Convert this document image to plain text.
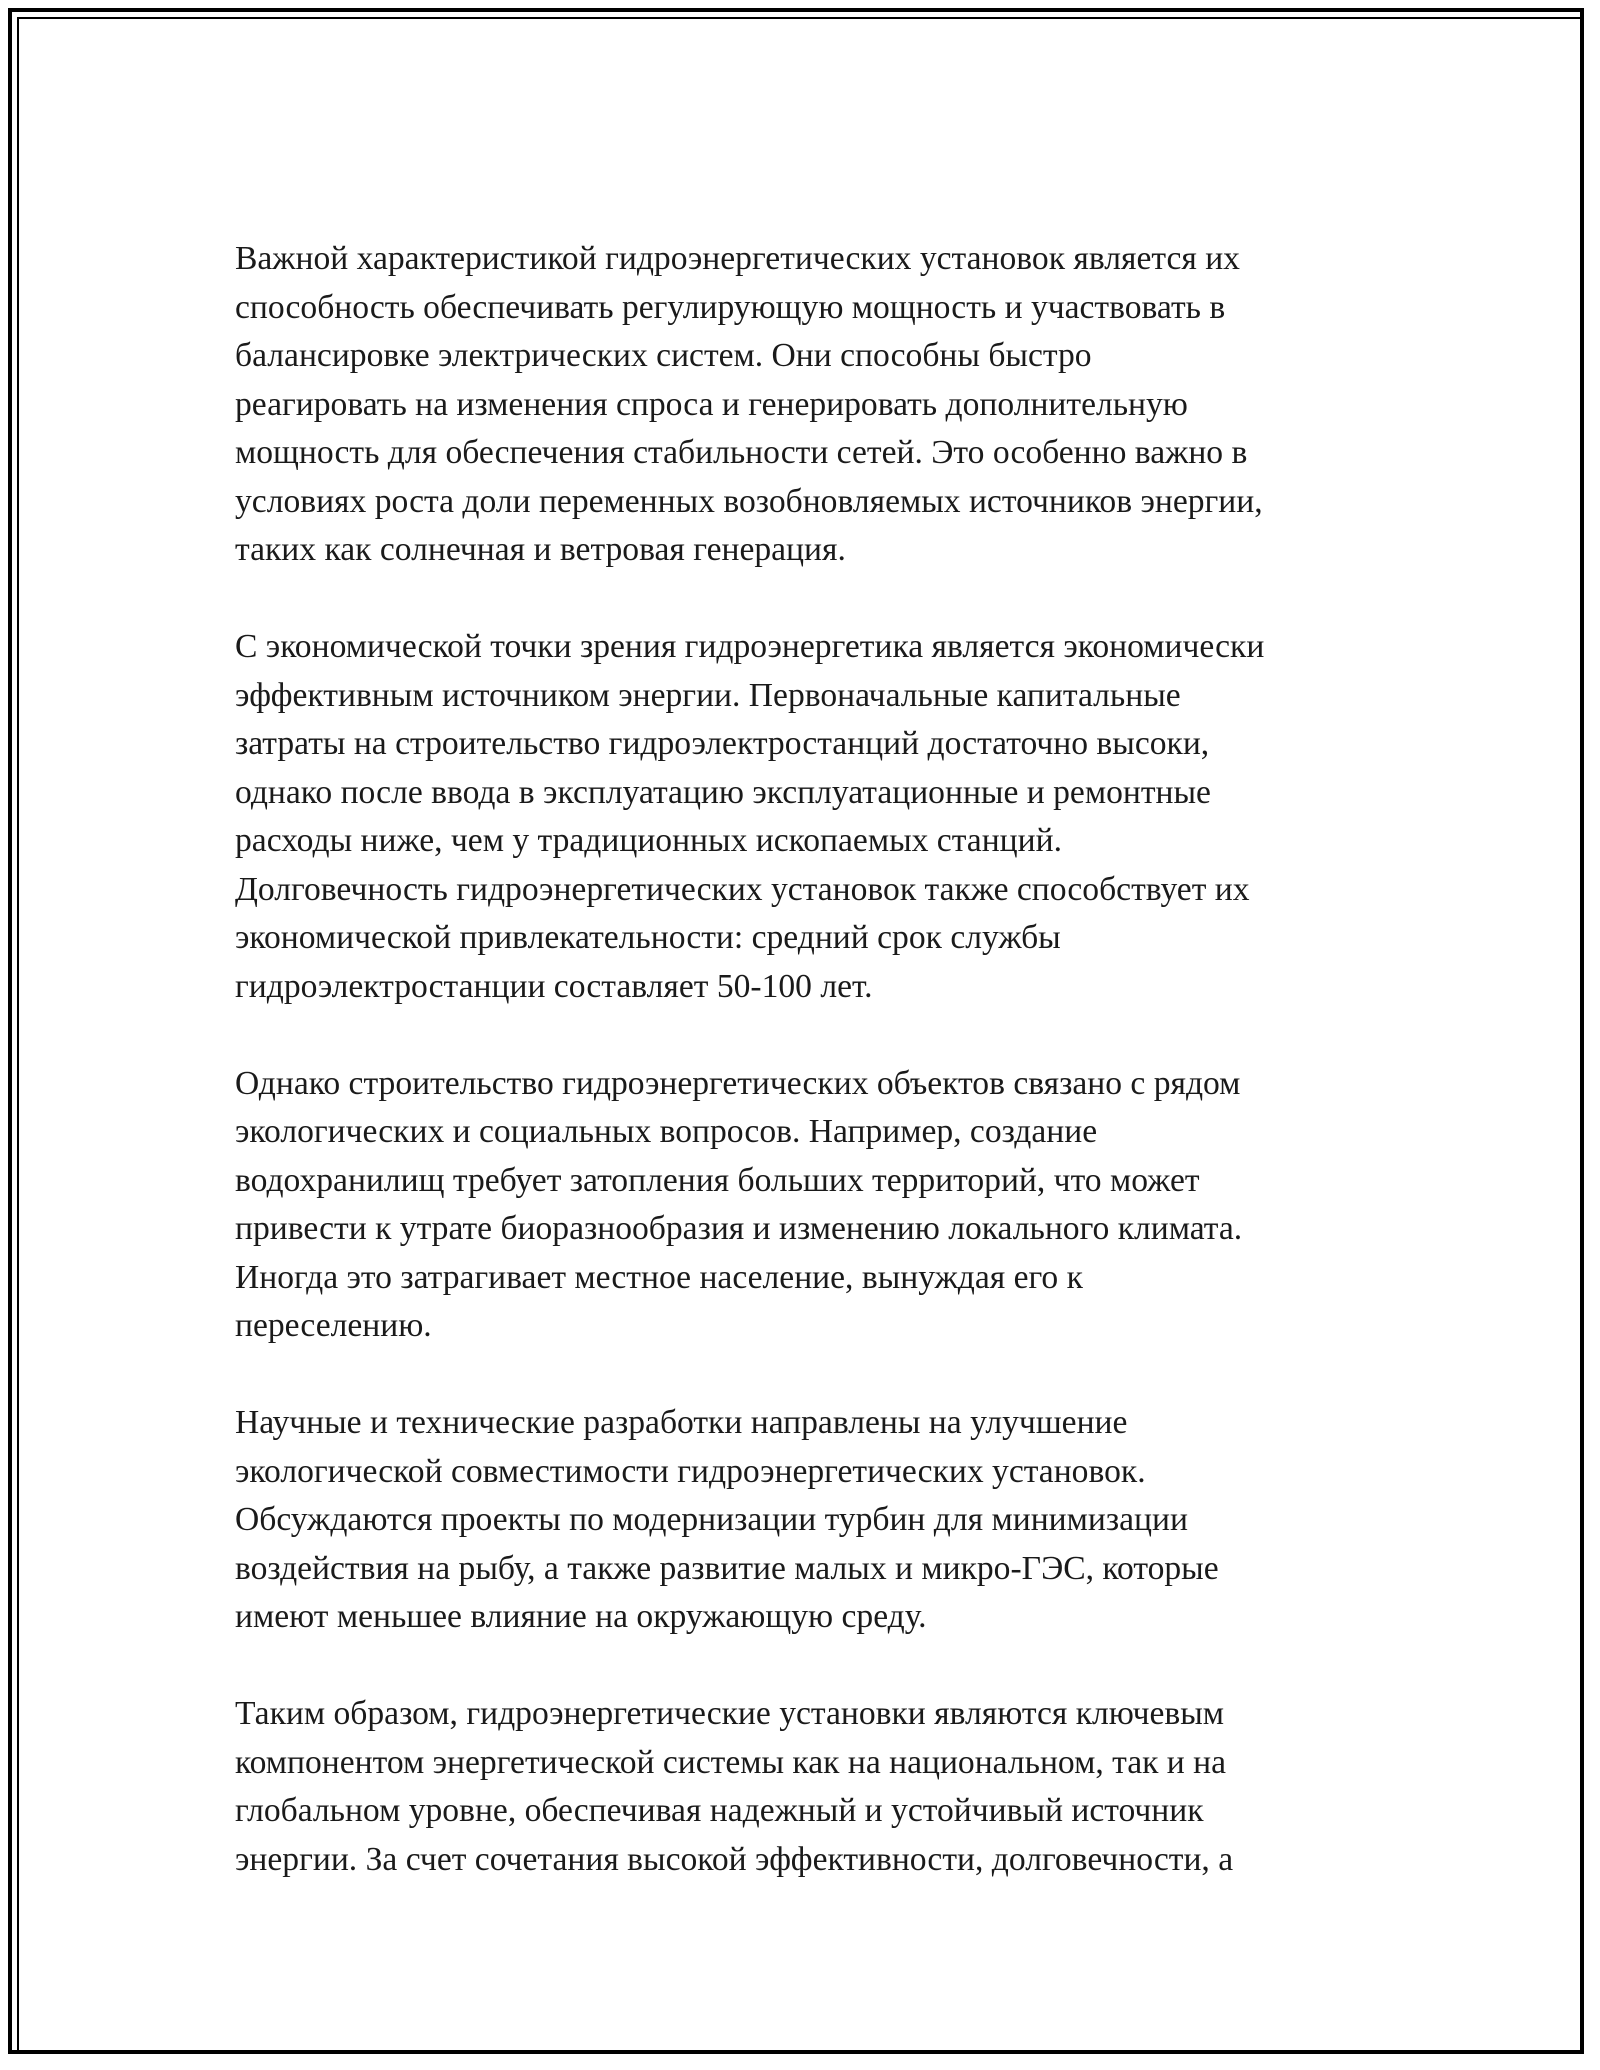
Важной характеристикой гидроэнергетических установок является их
способность обеспечивать регулирующую мощность и участвовать в
балансировке электрических систем. Они способны быстро
реагировать на изменения спроса и генерировать дополнительную
мощность для обеспечения стабильности сетей. Это особенно важно в
условиях роста доли переменных возобновляемых источников энергии,
таких как солнечная и ветровая генерация.

С экономической точки зрения гидроэнергетика является экономически
эффективным источником энергии. Первоначальные капитальные
затраты на строительство гидроэлектростанций достаточно высоки,
однако после ввода в эксплуатацию эксплуатационные и ремонтные
расходы ниже, чем у традиционных ископаемых станций.
Долговечность гидроэнергетических установок также способствует их
экономической привлекательности: средний срок службы
гидроэлектростанции составляет 50-100 лет.

Однако строительство гидроэнергетических объектов связано с рядом
экологических и социальных вопросов. Например, создание
водохранилищ требует затопления больших территорий, что может
привести к утрате биоразнообразия и изменению локального климата.
Иногда это затрагивает местное население, вынуждая его к
переселению.

Научные и технические разработки направлены на улучшение
экологической совместимости гидроэнергетических установок.
Обсуждаются проекты по модернизации турбин для минимизации
воздействия на рыбу, а также развитие малых и микро-ГЭС, которые
имеют меньшее влияние на окружающую среду.

Таким образом, гидроэнергетические установки являются ключевым
компонентом энергетической системы как на национальном, так и на
глобальном уровне, обеспечивая надежный и устойчивый источник
энергии. За счет сочетания высокой эффективности, долговечности, а
